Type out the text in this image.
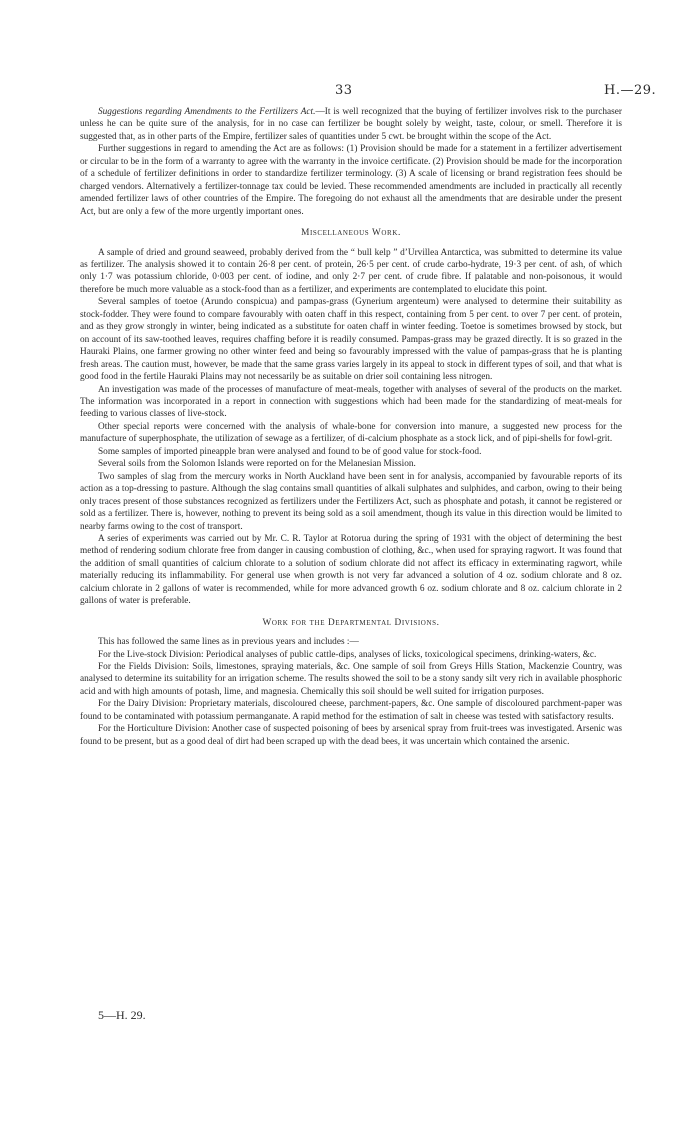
33	H.—29.

Suggestions regarding Amendments to the Fertilizers Act.—It is well recognized that the buying of fertilizer involves risk to the purchaser unless he can be quite sure of the analysis, for in no case can fertilizer be bought solely by weight, taste, colour, or smell. Therefore it is suggested that, as in other parts of the Empire, fertilizer sales of quantities under 5 cwt. be brought within the scope of the Act.

Further suggestions in regard to amending the Act are as follows: (1) Provision should be made for a statement in a fertilizer advertisement or circular to be in the form of a warranty to agree with the warranty in the invoice certificate. (2) Provision should be made for the incorporation of a schedule of fertilizer definitions in order to standardize fertilizer terminology. (3) A scale of licensing or brand registration fees should be charged vendors. Alternatively a fertilizer-tonnage tax could be levied. These recommended amendments are included in practically all recently amended fertilizer laws of other countries of the Empire. The foregoing do not exhaust all the amendments that are desirable under the present Act, but are only a few of the more urgently important ones.

Miscellaneous Work.

A sample of dried and ground seaweed, probably derived from the “ bull kelp ” d’Urvillea Antarctica, was submitted to determine its value as fertilizer. The analysis showed it to contain 26·8 per cent. of protein, 26·5 per cent. of crude carbo-hydrate, 19·3 per cent. of ash, of which only 1·7 was potassium chloride, 0·003 per cent. of iodine, and only 2·7 per cent. of crude fibre. If palatable and non-poisonous, it would therefore be much more valuable as a stock-food than as a fertilizer, and experiments are contemplated to elucidate this point.

Several samples of toetoe (Arundo conspicua) and pampas-grass (Gynerium argenteum) were analysed to determine their suitability as stock-fodder. They were found to compare favourably with oaten chaff in this respect, containing from 5 per cent. to over 7 per cent. of protein, and as they grow strongly in winter, being indicated as a substitute for oaten chaff in winter feeding. Toetoe is sometimes browsed by stock, but on account of its saw-toothed leaves, requires chaffing before it is readily consumed. Pampas-grass may be grazed directly. It is so grazed in the Hauraki Plains, one farmer growing no other winter feed and being so favourably impressed with the value of pampas-grass that he is planting fresh areas. The caution must, however, be made that the same grass varies largely in its appeal to stock in different types of soil, and that what is good food in the fertile Hauraki Plains may not necessarily be as suitable on drier soil containing less nitrogen.

An investigation was made of the processes of manufacture of meat-meals, together with analyses of several of the products on the market. The information was incorporated in a report in connection with suggestions which had been made for the standardizing of meat-meals for feeding to various classes of live-stock.

Other special reports were concerned with the analysis of whale-bone for conversion into manure, a suggested new process for the manufacture of superphosphate, the utilization of sewage as a fertilizer, of di-calcium phosphate as a stock lick, and of pipi-shells for fowl-grit.

Some samples of imported pineapple bran were analysed and found to be of good value for stock-food.

Several soils from the Solomon Islands were reported on for the Melanesian Mission.

Two samples of slag from the mercury works in North Auckland have been sent in for analysis, accompanied by favourable reports of its action as a top-dressing to pasture. Although the slag contains small quantities of alkali sulphates and sulphides, and carbon, owing to their being only traces present of those substances recognized as fertilizers under the Fertilizers Act, such as phosphate and potash, it cannot be registered or sold as a fertilizer. There is, however, nothing to prevent its being sold as a soil amendment, though its value in this direction would be limited to nearby farms owing to the cost of transport.

A series of experiments was carried out by Mr. C. R. Taylor at Rotorua during the spring of 1931 with the object of determining the best method of rendering sodium chlorate free from danger in causing combustion of clothing, &c., when used for spraying ragwort. It was found that the addition of small quantities of calcium chlorate to a solution of sodium chlorate did not affect its efficacy in exterminating ragwort, while materially reducing its inflammability. For general use when growth is not very far advanced a solution of 4 oz. sodium chlorate and 8 oz. calcium chlorate in 2 gallons of water is recommended, while for more advanced growth 6 oz. sodium chlorate and 8 oz. calcium chlorate in 2 gallons of water is preferable.

Work for the Departmental Divisions.

This has followed the same lines as in previous years and includes :—

For the Live-stock Division: Periodical analyses of public cattle-dips, analyses of licks, toxicological specimens, drinking-waters, &c.

For the Fields Division: Soils, limestones, spraying materials, &c. One sample of soil from Greys Hills Station, Mackenzie Country, was analysed to determine its suitability for an irrigation scheme. The results showed the soil to be a stony sandy silt very rich in available phosphoric acid and with high amounts of potash, lime, and magnesia. Chemically this soil should be well suited for irrigation purposes.

For the Dairy Division: Proprietary materials, discoloured cheese, parchment-papers, &c. One sample of discoloured parchment-paper was found to be contaminated with potassium permanganate. A rapid method for the estimation of salt in cheese was tested with satisfactory results.

For the Horticulture Division: Another case of suspected poisoning of bees by arsenical spray from fruit-trees was investigated. Arsenic was found to be present, but as a good deal of dirt had been scraped up with the dead bees, it was uncertain which contained the arsenic.

5—H. 29.
